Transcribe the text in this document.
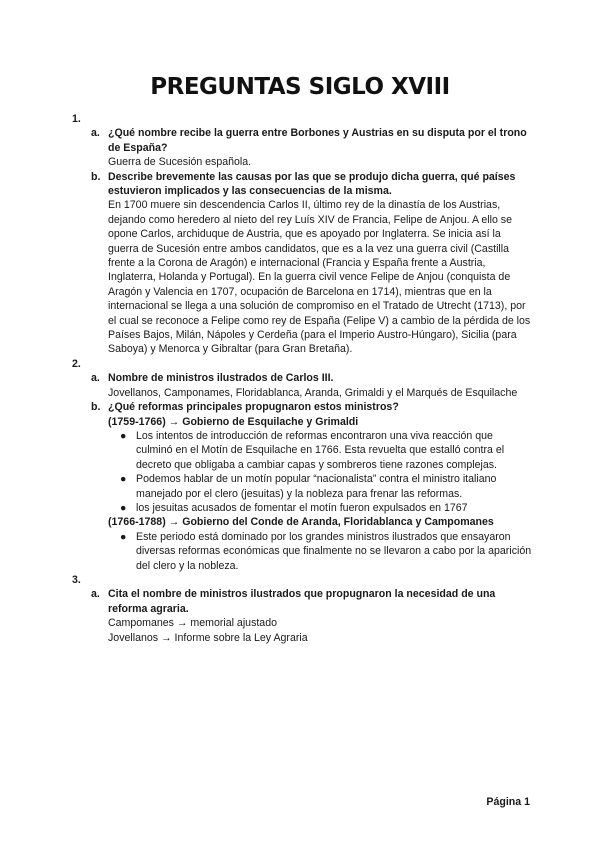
PREGUNTAS SIGLO XVIII
1.
a. ¿Qué nombre recibe la guerra entre Borbones y Austrias en su disputa por el trono de España?
Guerra de Sucesión española.
b. Describe brevemente las causas por las que se produjo dicha guerra, qué países estuvieron implicados y las consecuencias de la misma.
En 1700 muere sin descendencia Carlos II, último rey de la dinastía de los Austrias, dejando como heredero al nieto del rey Luís XIV de Francia, Felipe de Anjou. A ello se opone Carlos, archiduque de Austria, que es apoyado por Inglaterra. Se inicia así la guerra de Sucesión entre ambos candidatos, que es a la vez una guerra civil (Castilla frente a la Corona de Aragón) e internacional (Francia y España frente a Austria, Inglaterra, Holanda y Portugal). En la guerra civil vence Felipe de Anjou (conquista de Aragón y Valencia en 1707, ocupación de Barcelona en 1714), mientras que en la internacional se llega a una solución de compromiso en el Tratado de Utrecht (1713), por el cual se reconoce a Felipe como rey de España (Felipe V) a cambio de la pérdida de los Países Bajos, Milán, Nápoles y Cerdeña (para el Imperio Austro-Húngaro), Sicilia (para Saboya) y Menorca y Gibraltar (para Gran Bretaña).
2.
a. Nombre de ministros ilustrados de Carlos III.
Jovellanos, Camponames, Floridablanca, Aranda, Grimaldi y el Marqués de Esquilache
b. ¿Qué reformas principales propugnaron estos ministros?
(1759-1766) → Gobierno de Esquilache y Grimaldi
● Los intentos de introducción de reformas encontraron una viva reacción que culminó en el Motín de Esquilache en 1766. Esta revuelta que estalló contra el decreto que obligaba a cambiar capas y sombreros tiene razones complejas.
● Podemos hablar de un motín popular “nacionalista” contra el ministro italiano manejado por el clero (jesuitas) y la nobleza para frenar las reformas.
● los jesuitas acusados de fomentar el motín fueron expulsados en 1767
(1766-1788) → Gobierno del Conde de Aranda, Floridablanca y Campomanes
● Este periodo está dominado por los grandes ministros ilustrados que ensayaron diversas reformas económicas que finalmente no se llevaron a cabo por la aparición del clero y la nobleza.
3.
a. Cita el nombre de ministros ilustrados que propugnaron la necesidad de una reforma agraria.
Campomanes → memorial ajustado
Jovellanos → Informe sobre la Ley Agraria
Página 1
